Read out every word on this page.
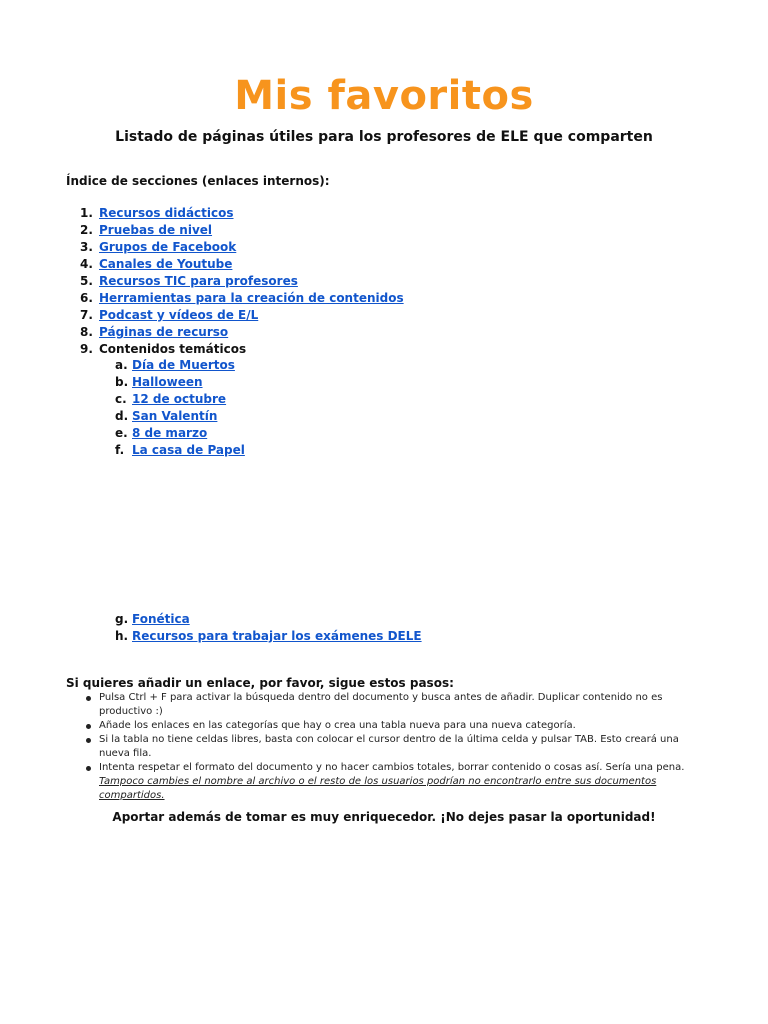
Mis favoritos

Listado de páginas útiles para los profesores de ELE que comparten

Índice de secciones (enlaces internos):

1. Recursos didácticos
2. Pruebas de nivel
3. Grupos de Facebook
4. Canales de Youtube
5. Recursos TIC para profesores
6. Herramientas para la creación de contenidos
7. Podcast y vídeos de E/L
8. Páginas de recurso
9. Contenidos temáticos
a. Día de Muertos
b. Halloween
c. 12 de octubre
d. San Valentín
e. 8 de marzo
f. La casa de Papel
g. Fonética
h. Recursos para trabajar los exámenes DELE

Si quieres añadir un enlace, por favor, sigue estos pasos:

Pulsa Ctrl + F para activar la búsqueda dentro del documento y busca antes de añadir. Duplicar contenido no es productivo :)
Añade los enlaces en las categorías que hay o crea una tabla nueva para una nueva categoría.
Si la tabla no tiene celdas libres, basta con colocar el cursor dentro de la última celda y pulsar TAB. Esto creará una nueva fila.
Intenta respetar el formato del documento y no hacer cambios totales, borrar contenido o cosas así. Sería una pena.
Tampoco cambies el nombre al archivo o el resto de los usuarios podrían no encontrarlo entre sus documentos compartidos.

Aportar además de tomar es muy enriquecedor. ¡No dejes pasar la oportunidad!
